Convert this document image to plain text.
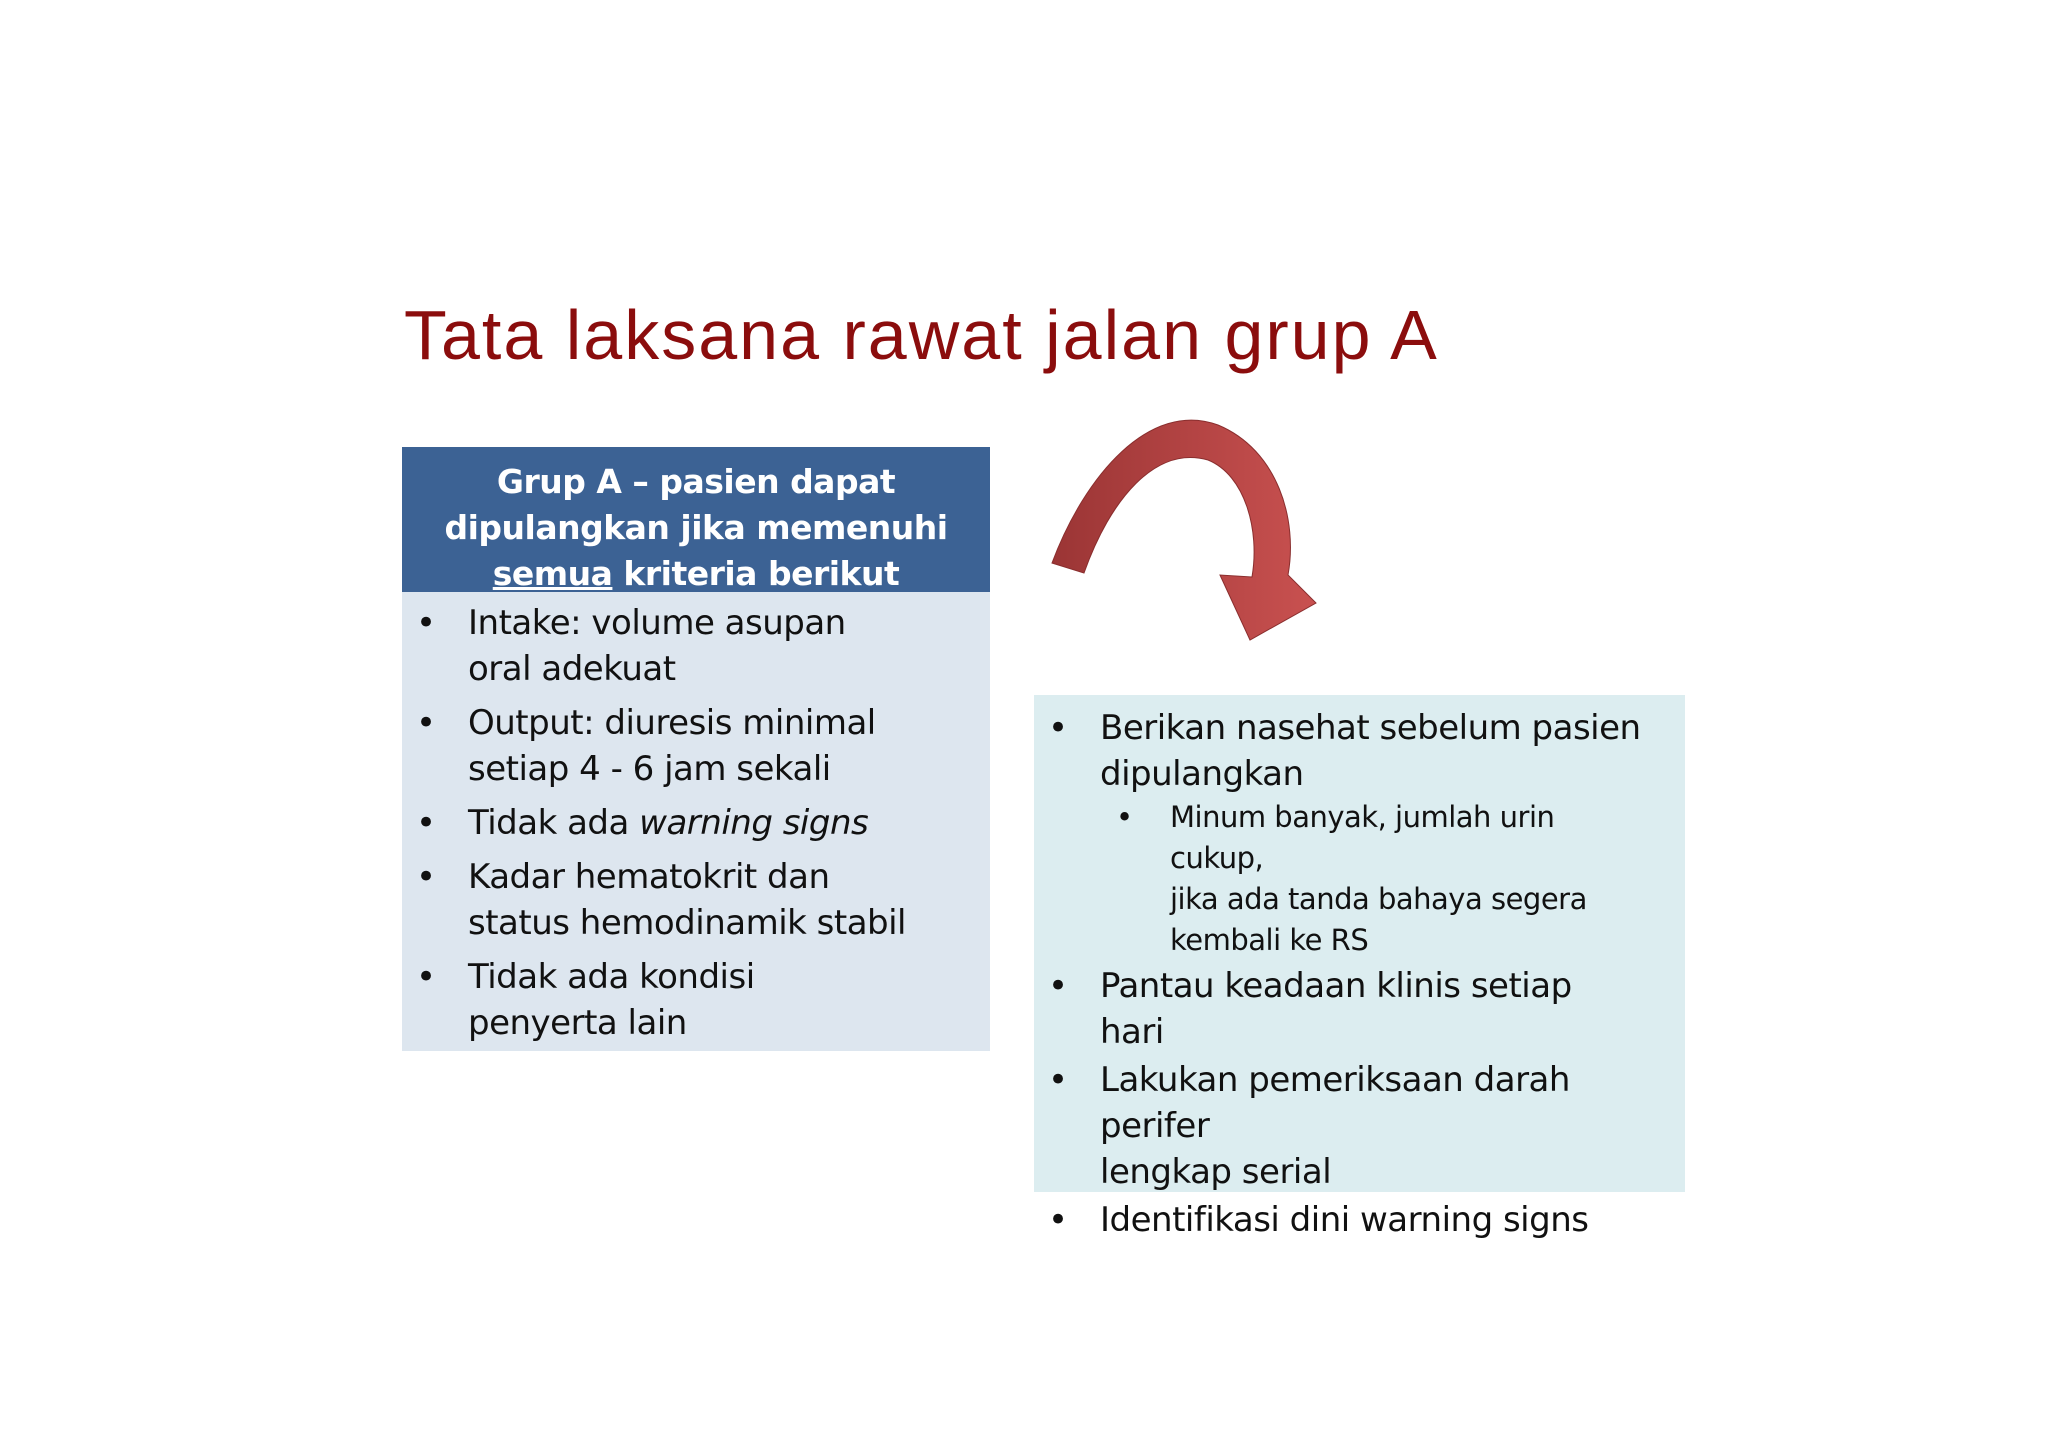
Tata laksana rawat jalan grup A
Grup A – pasien dapat
dipulangkan jika memenuhi
semua kriteria berikut
• Intake: volume asupan
oral adekuat
• Output: diuresis minimal
setiap 4 - 6 jam sekali
• Tidak ada warning signs
• Kadar hematokrit dan
status hemodinamik stabil
• Tidak ada kondisi
penyerta lain
• Berikan nasehat sebelum pasien
dipulangkan
• Minum banyak, jumlah urin
cukup,
jika ada tanda bahaya segera
kembali ke RS
• Pantau keadaan klinis setiap
hari
• Lakukan pemeriksaan darah perifer
lengkap serial
• Identifikasi dini warning signs
